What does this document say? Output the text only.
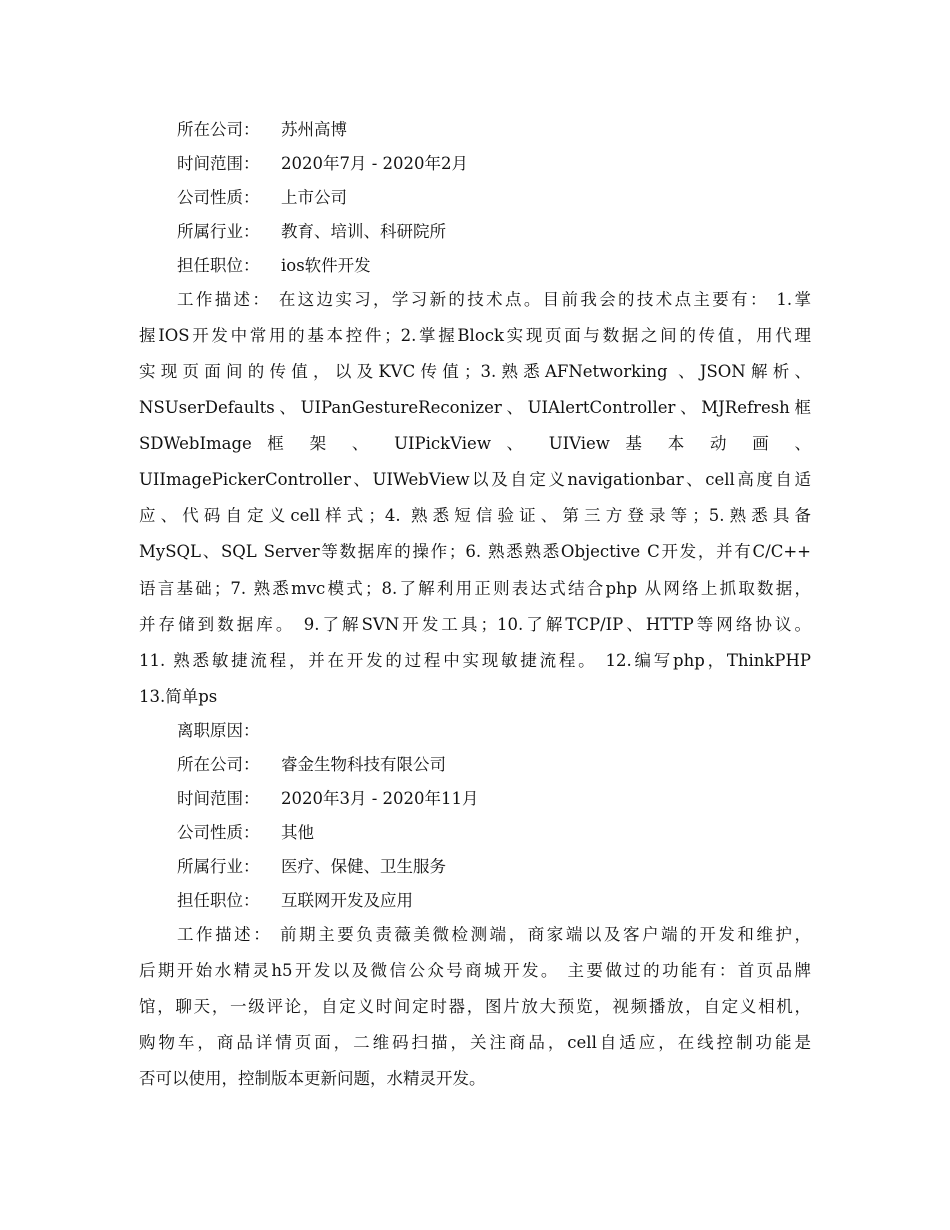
所在公司： 苏州高博
时间范围： 2020年7月 - 2020年2月
公司性质： 上市公司
所属行业： 教育、培训、科研院所
担任职位： ios软件开发
工作描述： 在这边实习，学习新的技术点。目前我会的技术点主要有： 1.掌
握IOS开发中常用的基本控件；2.掌握Block实现页面与数据之间的传值，用代理
实现页面间的传值，以及KVC传值；3.熟悉AFNetworking 、JSON解析、
NSUserDefaults、UIPanGestureReconizer、UIAlertController、MJRefresh框
SDWebImage 框 架 、 UIPickView 、 UIView 基 本 动 画 、
UIImagePickerController、UIWebView以及自定义navigationbar、cell高度自适
应、代码自定义cell样式；4. 熟悉短信验证、第三方登录等；5.熟悉具备
MySQL、SQL Server等数据库的操作；6. 熟悉熟悉Objective C开发，并有C/C++
语言基础；7. 熟悉mvc模式；8.了解利用正则表达式结合php 从网络上抓取数据，
并存储到数据库。 9.了解SVN开发工具；10.了解TCP/IP、HTTP等网络协议。
11. 熟悉敏捷流程，并在开发的过程中实现敏捷流程。 12.编写php，ThinkPHP
13.简单ps
离职原因：
所在公司： 睿金生物科技有限公司
时间范围： 2020年3月 - 2020年11月
公司性质： 其他
所属行业： 医疗、保健、卫生服务
担任职位： 互联网开发及应用
工作描述： 前期主要负责薇美微检测端，商家端以及客户端的开发和维护，
后期开始水精灵h5开发以及微信公众号商城开发。 主要做过的功能有：首页品牌
馆，聊天，一级评论，自定义时间定时器，图片放大预览，视频播放，自定义相机，
购物车，商品详情页面，二维码扫描，关注商品，cell自适应，在线控制功能是
否可以使用，控制版本更新问题，水精灵开发。
